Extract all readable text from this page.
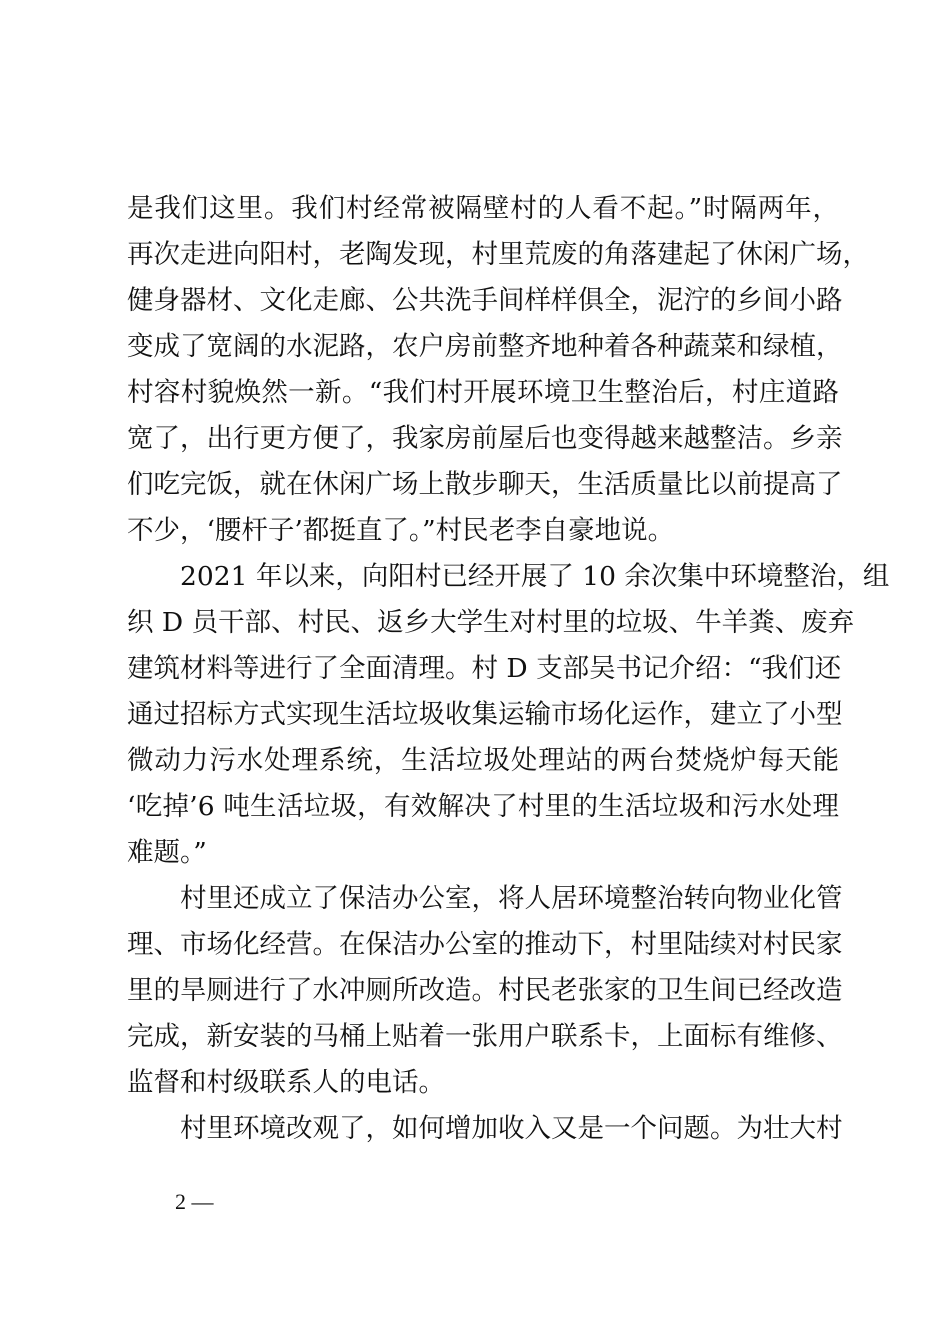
是我们这里。我们村经常被隔壁村的人看不起。”时隔两年，
再次走进向阳村，老陶发现，村里荒废的角落建起了休闲广场，
健身器材、文化走廊、公共洗手间样样俱全，泥泞的乡间小路
变成了宽阔的水泥路，农户房前整齐地种着各种蔬菜和绿植，
村容村貌焕然一新。“我们村开展环境卫生整治后，村庄道路
宽了，出行更方便了，我家房前屋后也变得越来越整洁。乡亲
们吃完饭，就在休闲广场上散步聊天，生活质量比以前提高了
不少，‘腰杆子’都挺直了。”村民老李自豪地说。
2021 年以来，向阳村已经开展了 10 余次集中环境整治，组
织 D 员干部、村民、返乡大学生对村里的垃圾、牛羊粪、废弃
建筑材料等进行了全面清理。村 D 支部吴书记介绍：“我们还
通过招标方式实现生活垃圾收集运输市场化运作，建立了小型
微动力污水处理系统，生活垃圾处理站的两台焚烧炉每天能
‘吃掉’6 吨生活垃圾，有效解决了村里的生活垃圾和污水处理
难题。”
村里还成立了保洁办公室，将人居环境整治转向物业化管
理、市场化经营。在保洁办公室的推动下，村里陆续对村民家
里的旱厕进行了水冲厕所改造。村民老张家的卫生间已经改造
完成，新安装的马桶上贴着一张用户联系卡，上面标有维修、
监督和村级联系人的电话。
村里环境改观了，如何增加收入又是一个问题。为壮大村
2 —
